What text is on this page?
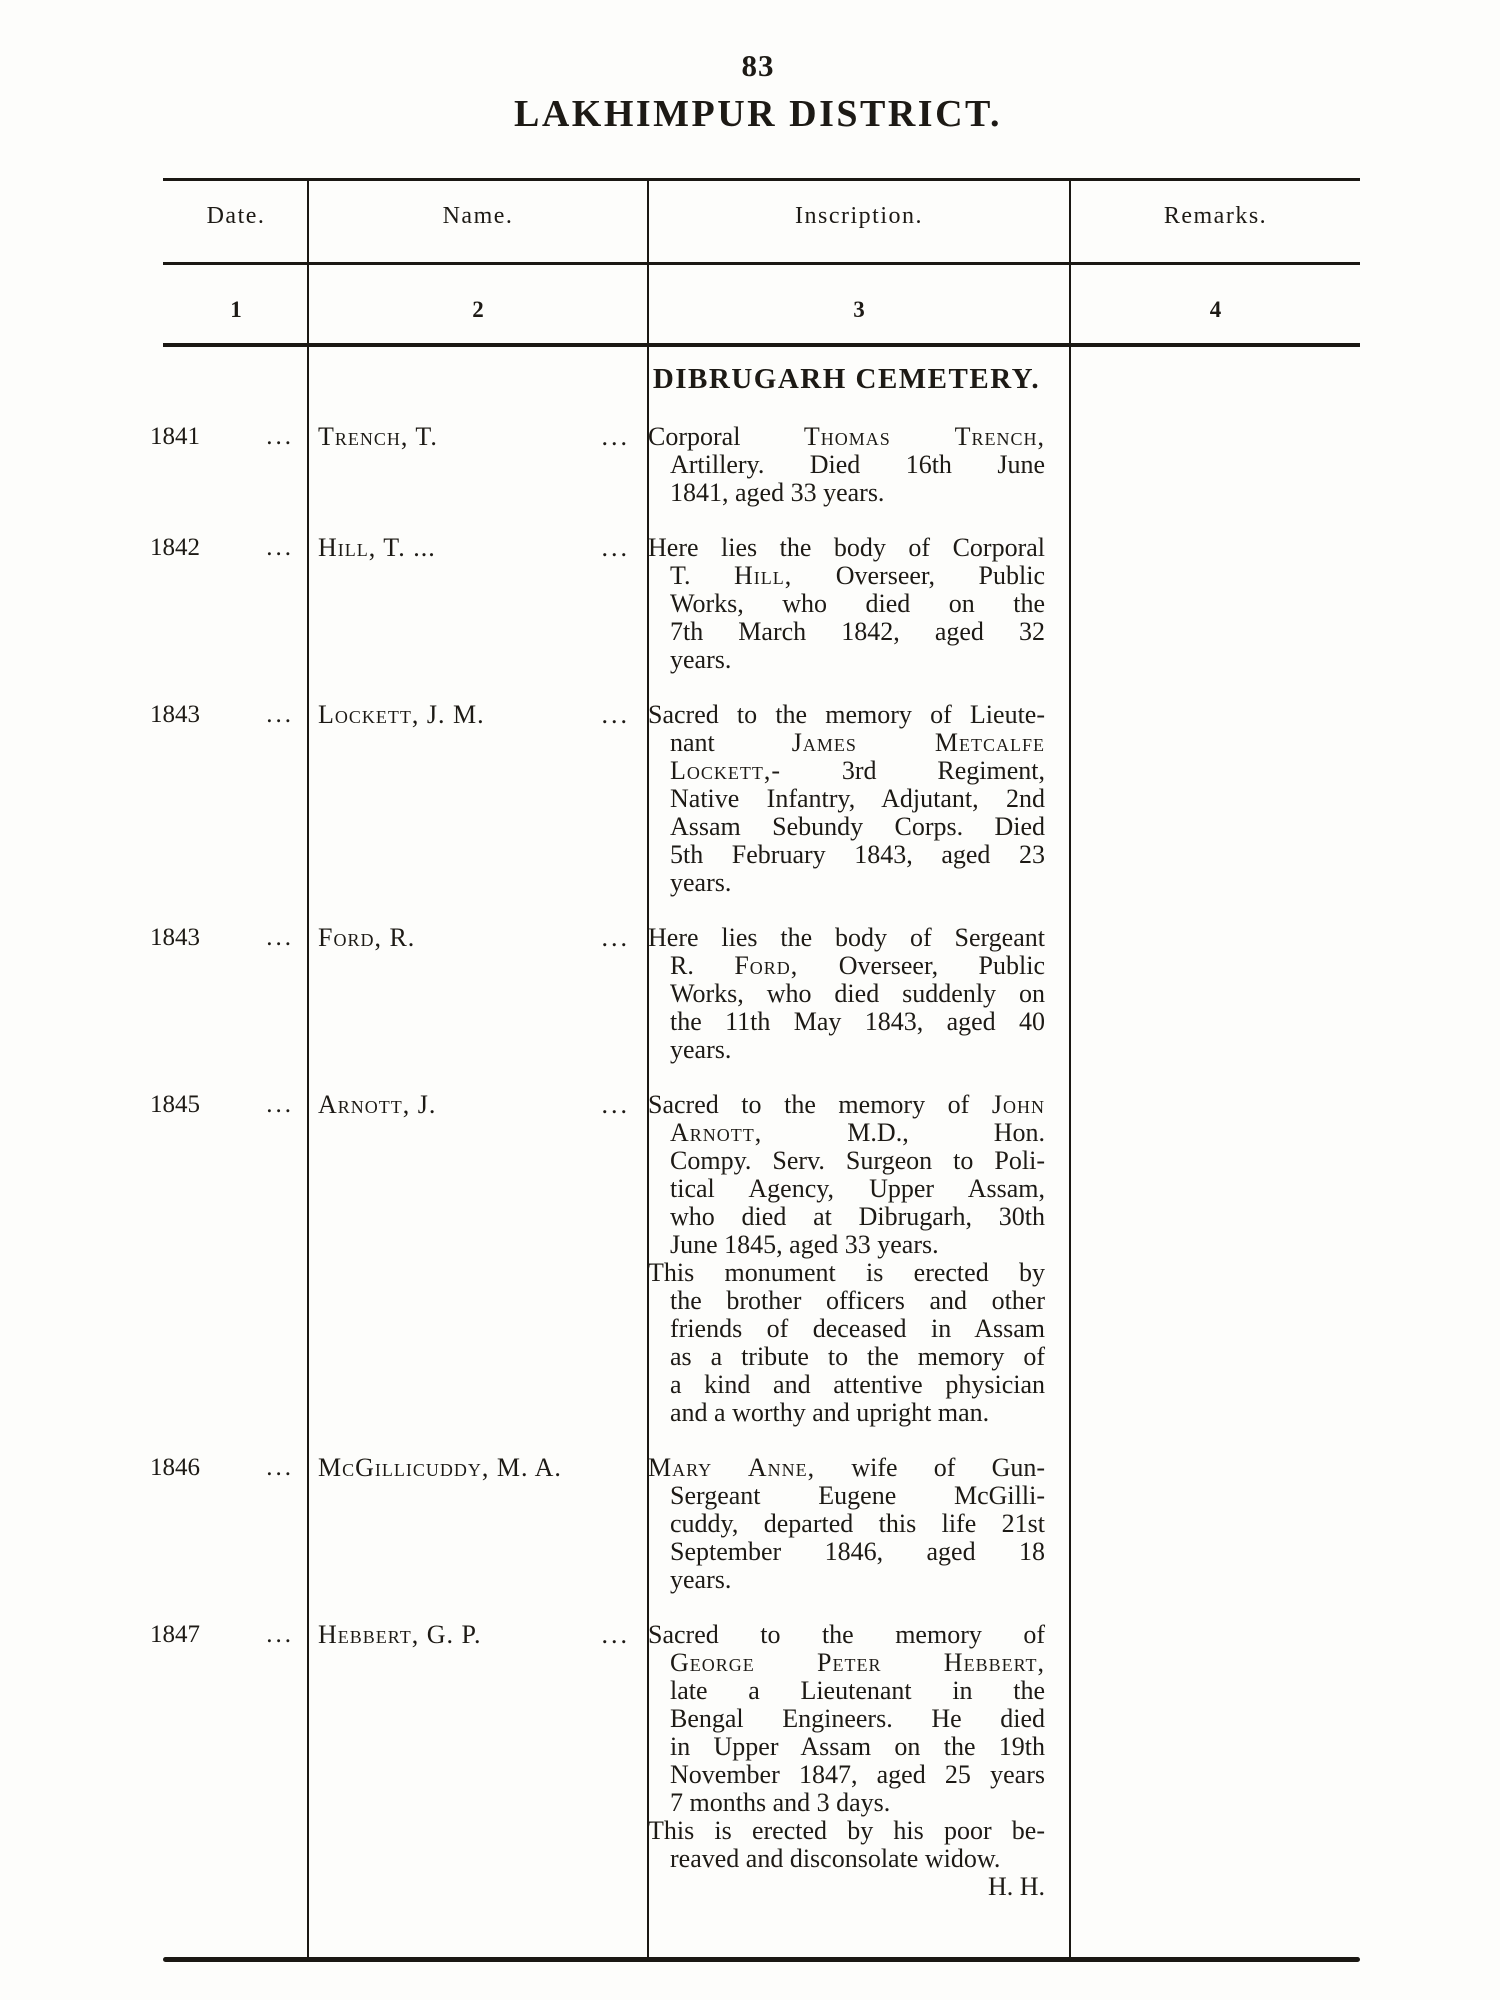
83
LAKHIMPUR DISTRICT.
Date.	Name.	Inscription.	Remarks.
1	2	3	4
DIBRUGARH CEMETERY.
1841	... Trench, T.	... Corporal Thomas Trench,
Artillery. Died 16th June
1841, aged 33 years.
1842	... Hill, T. ...	... Here lies the body of Corporal
T. Hill, Overseer, Public
Works, who died on the
7th March 1842, aged 32
years.
1843	... Lockett, J. M.	... Sacred to the memory of Lieute-
nant James Metcalfe
Lockett,- 3rd Regiment,
Native Infantry, Adjutant, 2nd
Assam Sebundy Corps. Died
5th February 1843, aged 23
years.
1843	... Ford, R.	... Here lies the body of Sergeant
R. Ford, Overseer, Public
Works, who died suddenly on
the 11th May 1843, aged 40
years.
1845	... Arnott, J.	... Sacred to the memory of John
Arnott, M.D., Hon.
Compy. Serv. Surgeon to Poli-
tical Agency, Upper Assam,
who died at Dibrugarh, 30th
June 1845, aged 33 years.
This monument is erected by
the brother officers and other
friends of deceased in Assam
as a tribute to the memory of
a kind and attentive physician
and a worthy and upright man.
1846	... McGillicuddy, M. A.	Mary Anne, wife of Gun-
Sergeant Eugene McGilli-
cuddy, departed this life 21st
September 1846, aged 18
years.
1847	... Hebbert, G. P.	... Sacred to the memory of
George Peter Hebbert,
late a Lieutenant in the
Bengal Engineers. He died
in Upper Assam on the 19th
November 1847, aged 25 years
7 months and 3 days.
This is erected by his poor be-
reaved and disconsolate widow.
H. H.
